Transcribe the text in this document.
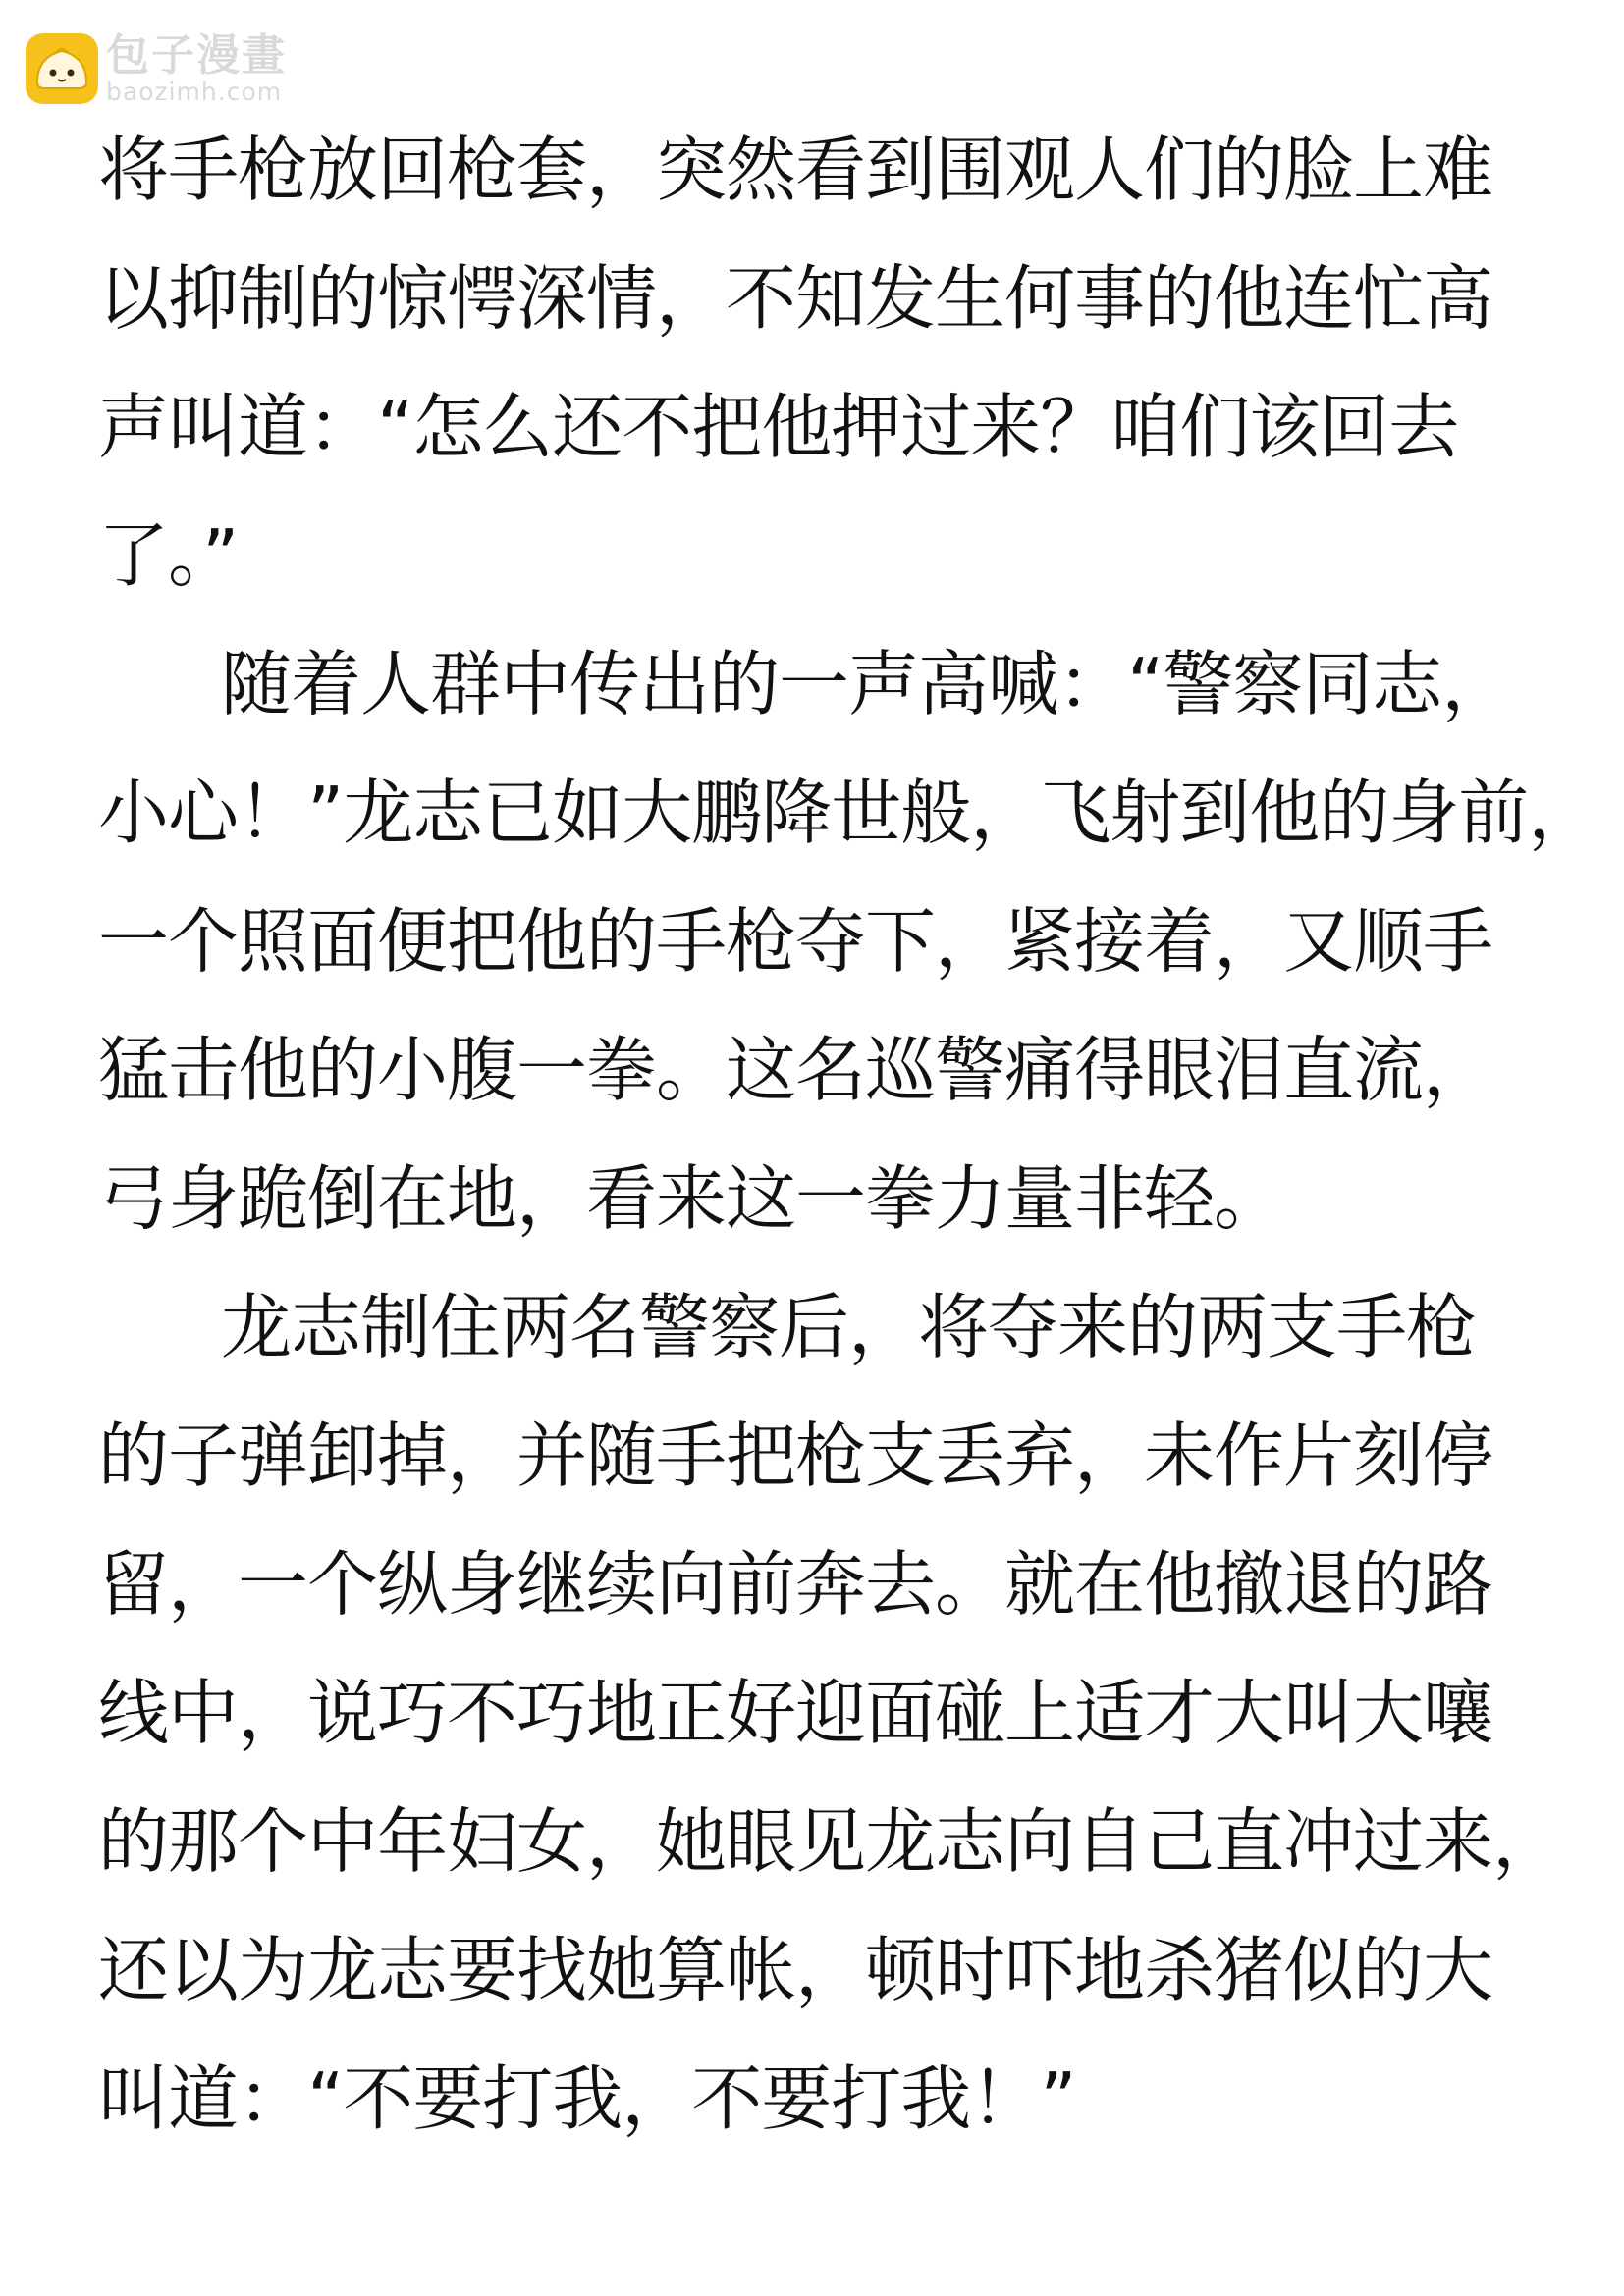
包子漫畫
baozimh.com
将手枪放回枪套，突然看到围观人们的脸上难
以抑制的惊愕深情，不知发生何事的他连忙高
声叫道：“怎么还不把他押过来？咱们该回去
了。”
随着人群中传出的一声高喊：“警察同志，
小心！”龙志已如大鹏降世般，飞射到他的身前，
一个照面便把他的手枪夺下，紧接着，又顺手
猛击他的小腹一拳。这名巡警痛得眼泪直流，
弓身跪倒在地，看来这一拳力量非轻。
龙志制住两名警察后，将夺来的两支手枪
的子弹卸掉，并随手把枪支丢弃，未作片刻停
留，一个纵身继续向前奔去。就在他撤退的路
线中，说巧不巧地正好迎面碰上适才大叫大嚷
的那个中年妇女，她眼见龙志向自己直冲过来，
还以为龙志要找她算帐，顿时吓地杀猪似的大
叫道：“不要打我，不要打我！”
